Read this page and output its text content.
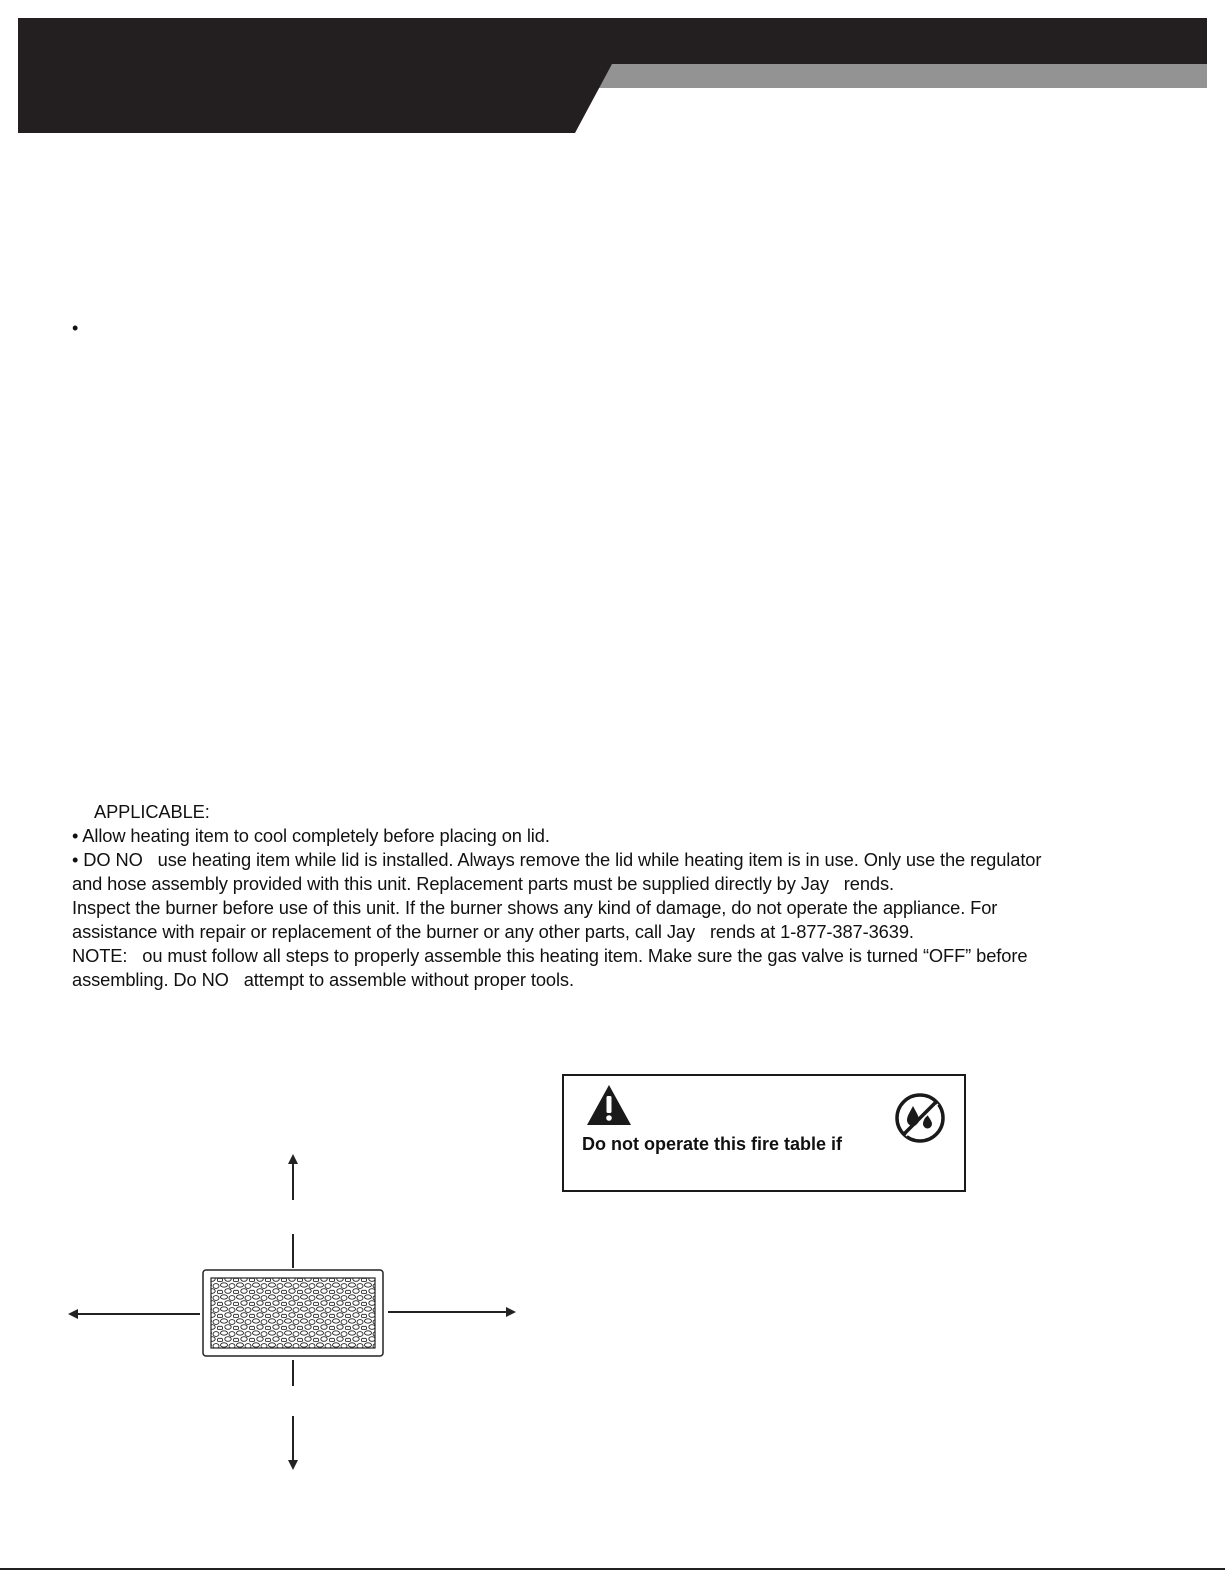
•

APPLICABLE:

• Allow heating item to cool completely before placing on lid.

• DO NO   use heating item while lid is installed. Always remove the lid while heating item is in use. Only use the regulator

and hose assembly provided with this unit. Replacement parts must be supplied directly by Jay   rends.

Inspect the burner before use of this unit. If the burner shows any kind of damage, do not operate the appliance. For

assistance with repair or replacement of the burner or any other parts, call Jay   rends at 1-877-387-3639.

NOTE:   ou must follow all steps to properly assemble this heating item. Make sure the gas valve is turned “OFF” before

assembling. Do NO   attempt to assemble without proper tools.

Do not operate this fire table if
